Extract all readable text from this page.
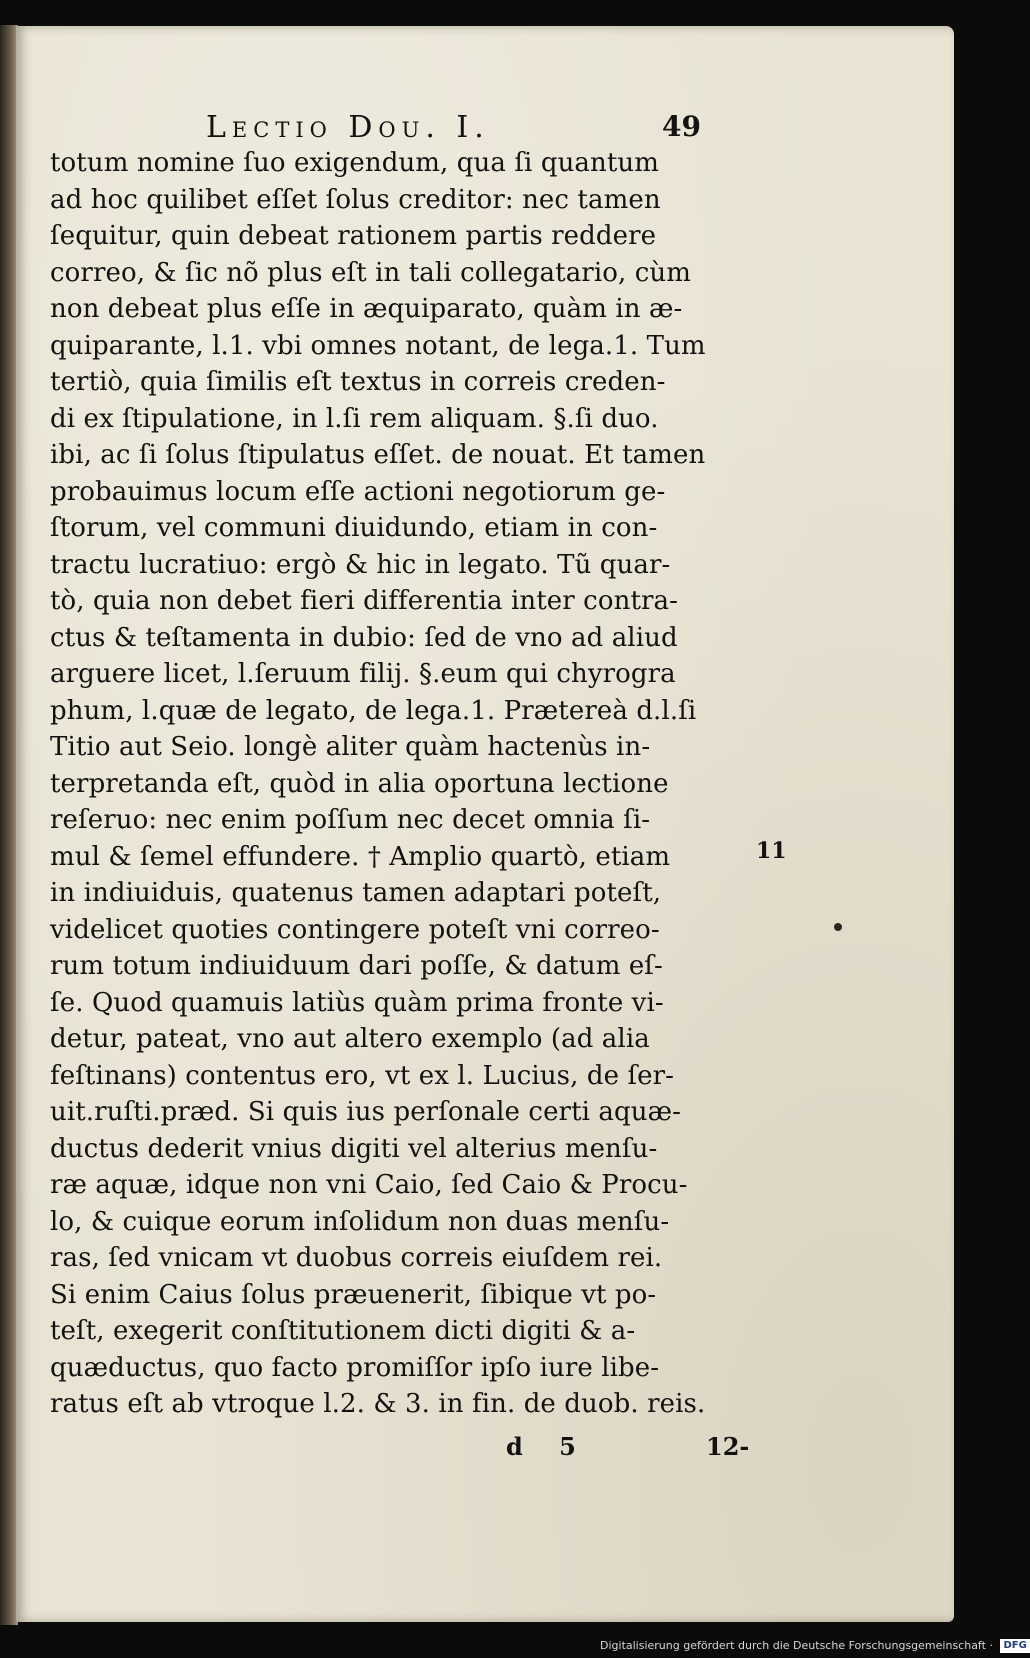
Lectio Dou. I.	49
totum nomine ſuo exigendum, qua ſi quantum
ad hoc quilibet eſſet ſolus creditor: nec tamen
ſequitur, quin debeat rationem partis reddere
correo, & ſic nõ plus eſt in tali collegatario, cùm
non debeat plus eſſe in æquiparato, quàm in æ-
quiparante, l.1. vbi omnes notant, de lega.1. Tum
tertiò, quia ſimilis eſt textus in correis creden-
di ex ſtipulatione, in l.ſi rem aliquam. §.ſi duo.
ibi, ac ſi ſolus ſtipulatus eſſet. de nouat. Et tamen
probauimus locum eſſe actioni negotiorum ge-
ſtorum, vel communi diuidundo, etiam in con-
tractu lucratiuo: ergò & hic in legato. Tũ quar-
tò, quia non debet fieri differentia inter contra-
ctus & teſtamenta in dubio: ſed de vno ad aliud
arguere licet, l.ſeruum filij. §.eum qui chyrogra
phum, l.quæ de legato, de lega.1. Prætereà d.l.ſi
Titio aut Seio. longè aliter quàm hactenùs in-
terpretanda eſt, quòd in alia oportuna lectione
reſeruo: nec enim poſſum nec decet omnia ſi-
mul & ſemel effundere. † Amplio quartò, etiam
in indiuiduis, quatenus tamen adaptari poteſt,
videlicet quoties contingere poteſt vni correo-
rum totum indiuiduum dari poſſe, & datum eſ-
ſe. Quod quamuis latiùs quàm prima fronte vi-
detur, pateat, vno aut altero exemplo (ad alia
feſtinans) contentus ero, vt ex l. Lucius, de ſer-
uit.ruſti.præd. Si quis ius perſonale certi aquæ-
ductus dederit vnius digiti vel alterius menſu-
ræ aquæ, idque non vni Caio, ſed Caio & Procu-
lo, & cuique eorum inſolidum non duas menſu-
ras, ſed vnicam vt duobus correis eiuſdem rei.
Si enim Caius ſolus præuenerit, ſibique vt po-
teſt, exegerit conſtitutionem dicti digiti & a-
quæductus, quo facto promiſſor ipſo iure libe-
ratus eſt ab vtroque l.2. & 3. in fin. de duob. reis.
11
d 5	12-
Digitalisierung gefördert durch die Deutsche Forschungsgemeinschaft · DFG
